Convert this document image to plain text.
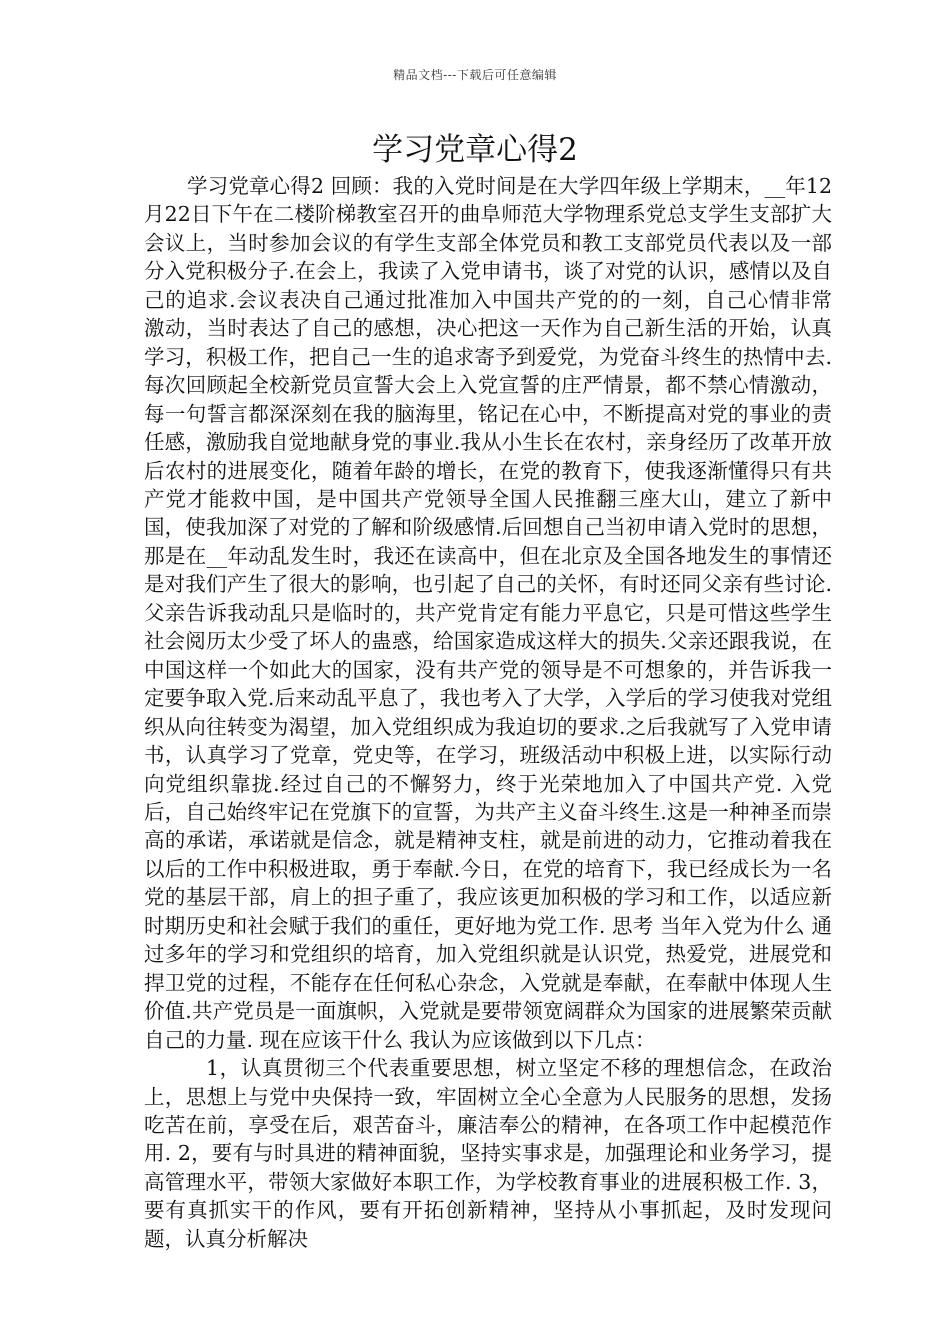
精品文档---下载后可任意编辑
学习党章心得2

学习党章心得2 回顾：我的入党时间是在大学四年级上学期末，__年12月22日下午在二楼阶梯教室召开的曲阜师范大学物理系党总支学生支部扩大会议上，当时参加会议的有学生支部全体党员和教工支部党员代表以及一部分入党积极分子.在会上，我读了入党申请书，谈了对党的认识，感情以及自己的追求.会议表决自己通过批准加入中国共产党的的一刻，自己心情非常 激动，当时表达了自己的感想，决心把这一天作为自己新生活的开始，认真学习，积极工作，把自己一生的追求寄予到爱党，为党奋斗终生的热情中去.每次回顾起全校新党员宣誓大会上入党宣誓的庄严情景，都不禁心情激动，每一句誓言都深深刻在我的脑海里，铭记在心中，不断提高对党的事业的责任感，激励我自觉地献身党的事业.我从小生长在农村，亲身经历了改革开放后农村的进展变化，随着年龄的增长，在党的教育下，使我逐渐懂得只有共产党才能救中国，是中国共产党领导全国人民推翻三座大山，建立了新中国，使我加深了对党的了解和阶级感情.后回想自己当初申请入党时的思想，那是在__年动乱发生时，我还在读高中，但在北京及全国各地发生的事情还是对我们产生了很大的影响，也引起了自己的关怀，有时还同父亲有些讨论.父亲告诉我动乱只是临时的，共产党肯定有能力平息它，只是可惜这些学生社会阅历太少受了坏人的蛊惑，给国家造成这样大的损失.父亲还跟我说，在中国这样一个如此大的国家，没有共产党的领导是不可想象的，并告诉我一定要争取入党.后来动乱平息了，我也考入了大学，入学后的学习使我对党组织从向往转变为渴望，加入党组织成为我迫切的要求.之后我就写了入党申请书，认真学习了党章，党史等，在学习，班级活动中积极上进，以实际行动向党组织靠拢.经过自己的不懈努力，终于光荣地加入了中国共产党. 入党后，自己始终牢记在党旗下的宣誓，为共产主义奋斗终生.这是一种神圣而崇高的承诺，承诺就是信念，就是精神支柱，就是前进的动力，它推动着我在以后的工作中积极进取，勇于奉献.今日，在党的培育下，我已经成长为一名党的基层干部，肩上的担子重了，我应该更加积极的学习和工作，以适应新时期历史和社会赋于我们的重任，更好地为党工作. 思考 当年入党为什么 通过多年的学习和党组织的培育，加入党组织就是认识党，热爱党，进展党和捍卫党的过程，不能存在任何私心杂念，入党就是奉献，在奉献中体现人生价值.共产党员是一面旗帜，入党就是要带领宽阔群众为国家的进展繁荣贡献自己的力量. 现在应该干什么 我认为应该做到以下几点：

1，认真贯彻三个代表重要思想，树立坚定不移的理想信念，在政治上，思想上与党中央保持一致，牢固树立全心全意为人民服务的思想，发扬吃苦在前，享受在后，艰苦奋斗，廉洁奉公的精神，在各项工作中起模范作用. 2，要有与时具进的精神面貌，坚持实事求是，加强理论和业务学习，提高管理水平，带领大家做好本职工作，为学校教育事业的进展积极工作. 3，要有真抓实干的作风，要有开拓创新精神，坚持从小事抓起，及时发现问题，认真分析解决
